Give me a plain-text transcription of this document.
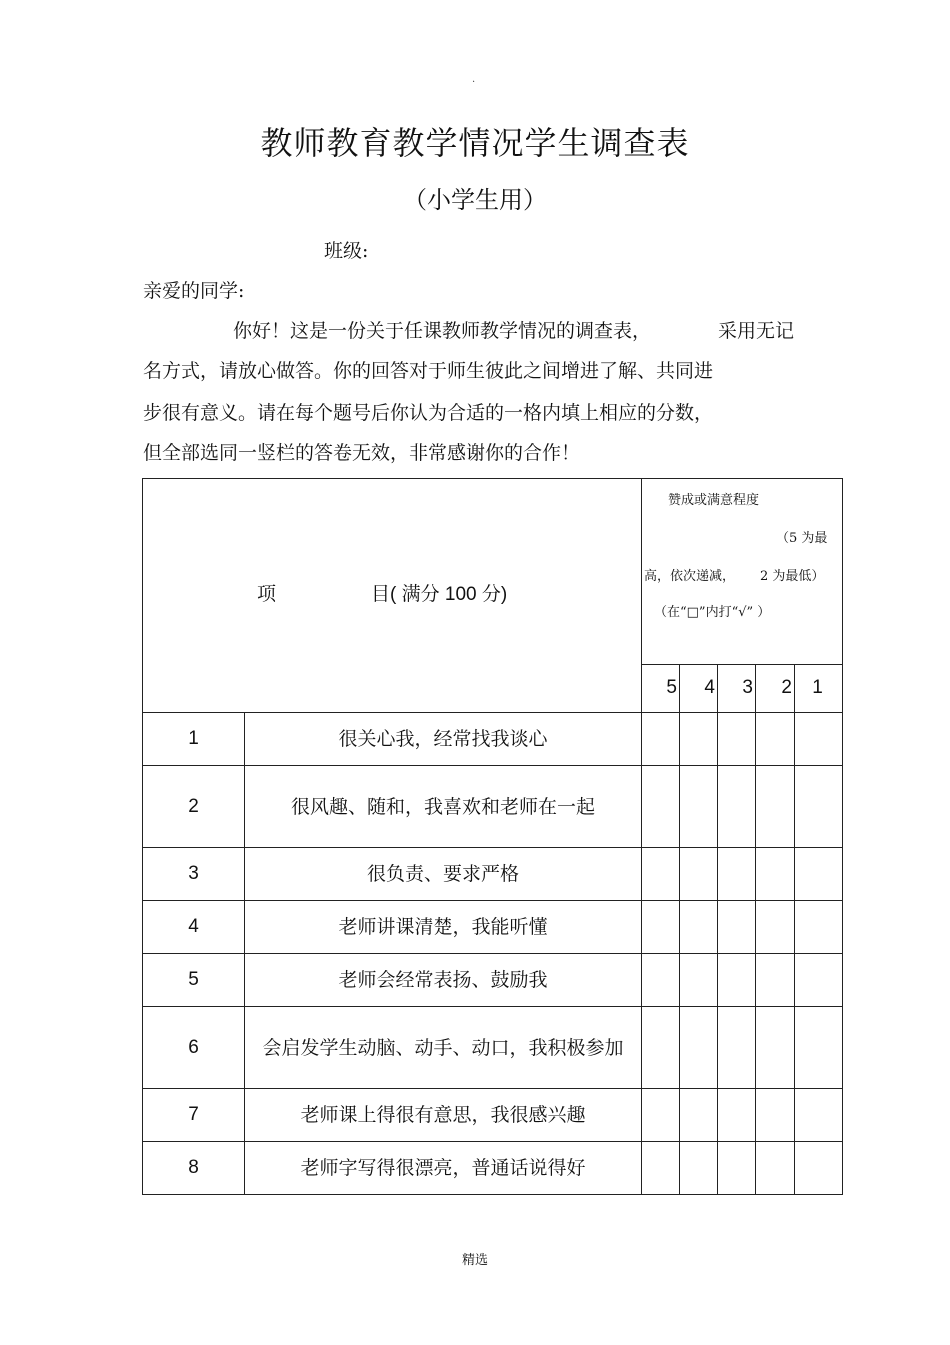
.
教师教育教学情况学生调查表
（小学生用）
班级:
亲爱的同学:
你好！这是一份关于任课教师教学情况的调查表，	采用无记
名方式，请放心做答。你的回答对于师生彼此之间增进了解、共同进
步很有意义。请在每个题号后你认为合适的一格内填上相应的分数，
但全部选同一竖栏的答卷无效，非常感谢你的合作！
项 目( 满分 100 分)		赞成或满意程度
（5 为最
高，依次递减， 2 为最低）
（在“□”内打“√” ）				

		5	4	3	2	1
1	很关心我，经常找我谈心					
2	很风趣、随和，我喜欢和老师在一起					
3	很负责、要求严格					
4	老师讲课清楚，我能听懂					
5	老师会经常表扬、鼓励我					
6	会启发学生动脑、动手、动口，我积极参加					
7	老师课上得很有意思，我很感兴趣					
8	老师字写得很漂亮，普通话说得好					
精选
